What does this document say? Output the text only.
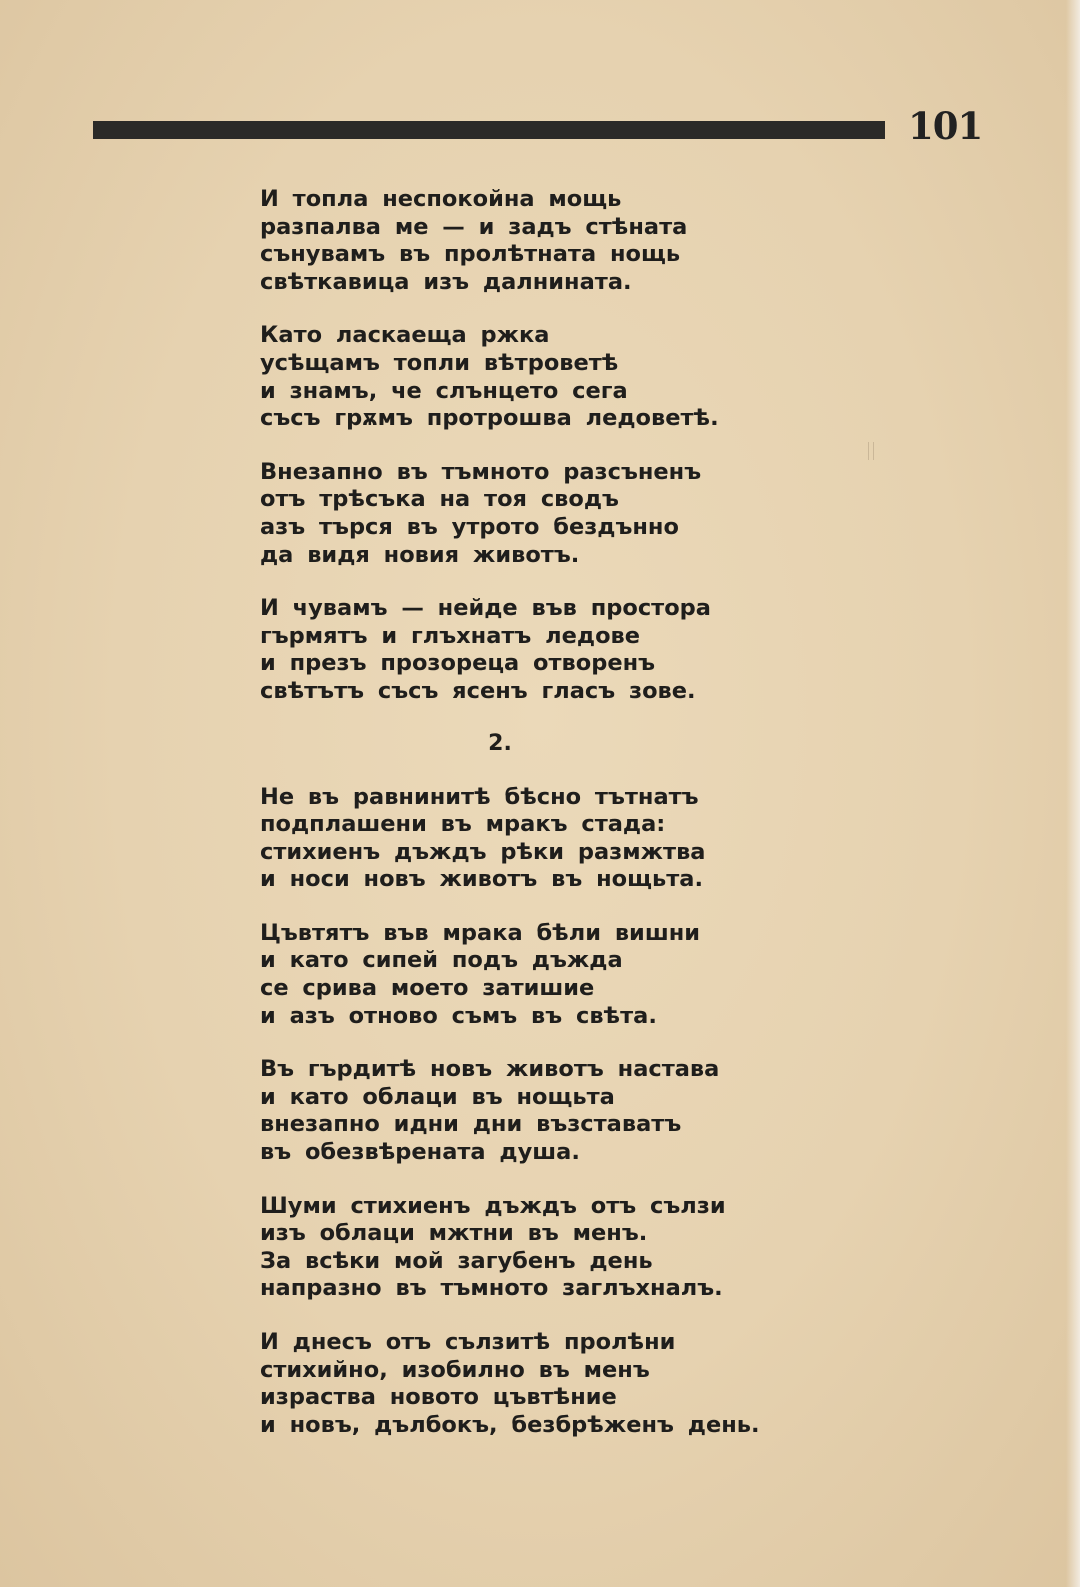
101
И топла неспокойна мощь
разпалва ме — и задъ стѣната
сънувамъ въ пролѣтната нощь
свѣткавица изъ далнината.
Като ласкаеща ржка
усѣщамъ топли вѣтроветѣ
и знамъ, че слънцето сега
съсъ грѫмъ протрошва ледоветѣ.
Внезапно въ тъмното разсъненъ
отъ трѣсъка на тоя сводъ
азъ търся въ утрото бездънно
да видя новия животъ.
И чувамъ — нейде във простора
гърмятъ и глъхнатъ ледове
и презъ прозореца отворенъ
свѣтътъ съсъ ясенъ гласъ зове.
2.
Не въ равнинитѣ бѣсно тътнатъ
подплашени въ мракъ стада:
стихиенъ дъждъ рѣки размжтва
и носи новъ животъ въ нощьта.
Цъвтятъ във мрака бѣли вишни
и като сипей подъ дъжда
се срива моето затишие
и азъ отново съмъ въ свѣта.
Въ гърдитѣ новъ животъ настава
и като облаци въ нощьта
внезапно идни дни възставатъ
въ обезвѣрената душа.
Шуми стихиенъ дъждъ отъ сълзи
изъ облаци мжтни въ менъ.
За всѣки мой загубенъ день
напразно въ тъмното заглъхналъ.
И днесъ отъ сълзитѣ пролѣни
стихийно, изобилно въ менъ
израства новото цъвтѣние
и новъ, дълбокъ, безбрѣженъ день.
